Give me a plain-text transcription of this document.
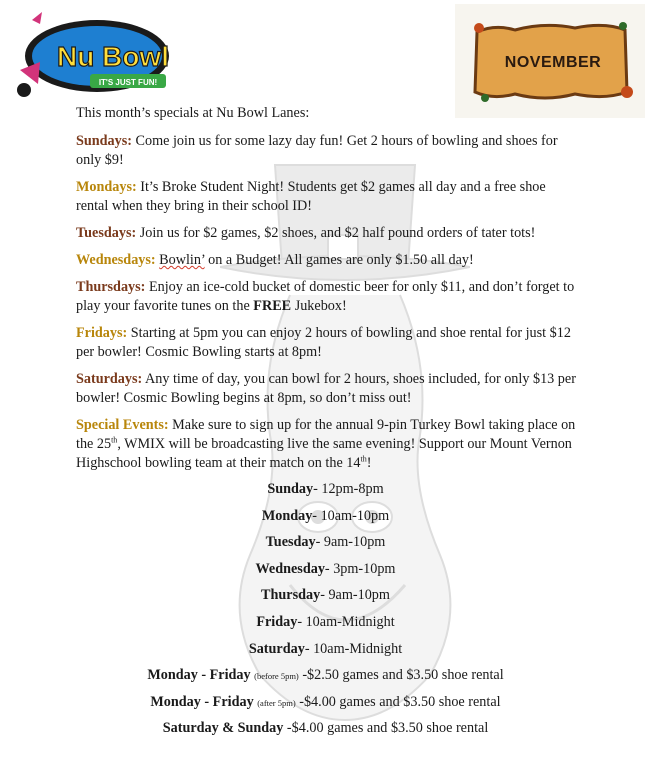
Nu Bowl
IT'S JUST FUN!
NOVEMBER

This month’s specials at Nu Bowl Lanes:

Sundays: Come join us for some lazy day fun! Get 2 hours of bowling and shoes for only $9!

Mondays: It’s Broke Student Night! Students get $2 games all day and a free shoe rental when they bring in their school ID!

Tuesdays: Join us for $2 games, $2 shoes, and $2 half pound orders of tater tots!

Wednesdays: Bowlin’ on a Budget! All games are only $1.50 all day!

Thursdays: Enjoy an ice-cold bucket of domestic beer for only $11, and don’t forget to play your favorite tunes on the FREE Jukebox!

Fridays: Starting at 5pm you can enjoy 2 hours of bowling and shoe rental for just $12 per bowler! Cosmic Bowling starts at 8pm!

Saturdays: Any time of day, you can bowl for 2 hours, shoes included, for only $13 per bowler! Cosmic Bowling begins at 8pm, so don’t miss out!

Special Events: Make sure to sign up for the annual 9-pin Turkey Bowl taking place on the 25th, WMIX will be broadcasting live the same evening! Support our Mount Vernon Highschool bowling team at their match on the 14th!

Sunday- 12pm-8pm
Monday- 10am-10pm
Tuesday- 9am-10pm
Wednesday- 3pm-10pm
Thursday- 9am-10pm
Friday- 10am-Midnight
Saturday- 10am-Midnight
Monday - Friday (before 5pm) -$2.50 games and $3.50 shoe rental
Monday - Friday (after 5pm) -$4.00 games and $3.50 shoe rental
Saturday & Sunday -$4.00 games and $3.50 shoe rental
